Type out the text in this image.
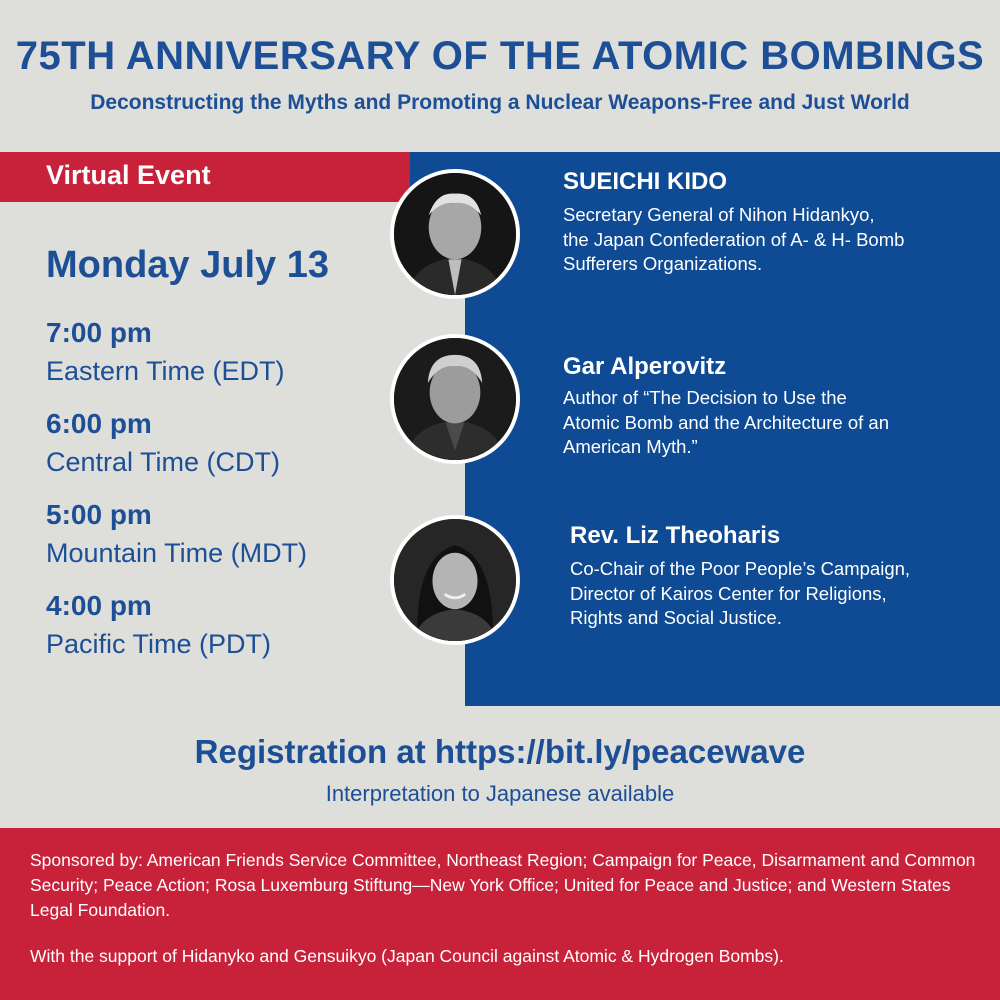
75TH ANNIVERSARY OF THE ATOMIC BOMBINGS
Deconstructing the Myths and Promoting a Nuclear Weapons-Free and Just World
Virtual Event
Monday July 13
7:00 pm
Eastern Time (EDT)
6:00 pm
Central Time (CDT)
5:00 pm
Mountain Time (MDT)
4:00 pm
Pacific Time (PDT)
SUEICHI KIDO
Secretary General of Nihon Hidankyo,
the Japan Confederation of A- & H- Bomb
Sufferers Organizations.
Gar Alperovitz
Author of “The Decision to Use the
Atomic Bomb and the Architecture of an
American Myth.”
Rev. Liz Theoharis
Co-Chair of the Poor People’s Campaign,
Director of Kairos Center for Religions,
Rights and Social Justice.
Registration at https://bit.ly/peacewave
Interpretation to Japanese available
Sponsored by: American Friends Service Committee, Northeast Region; Campaign for Peace, Disarmament and Common Security; Peace Action; Rosa Luxemburg Stiftung—New York Office; United for Peace and Justice; and Western States Legal Foundation.
With the support of Hidanyko and Gensuikyo (Japan Council against Atomic & Hydrogen Bombs).
